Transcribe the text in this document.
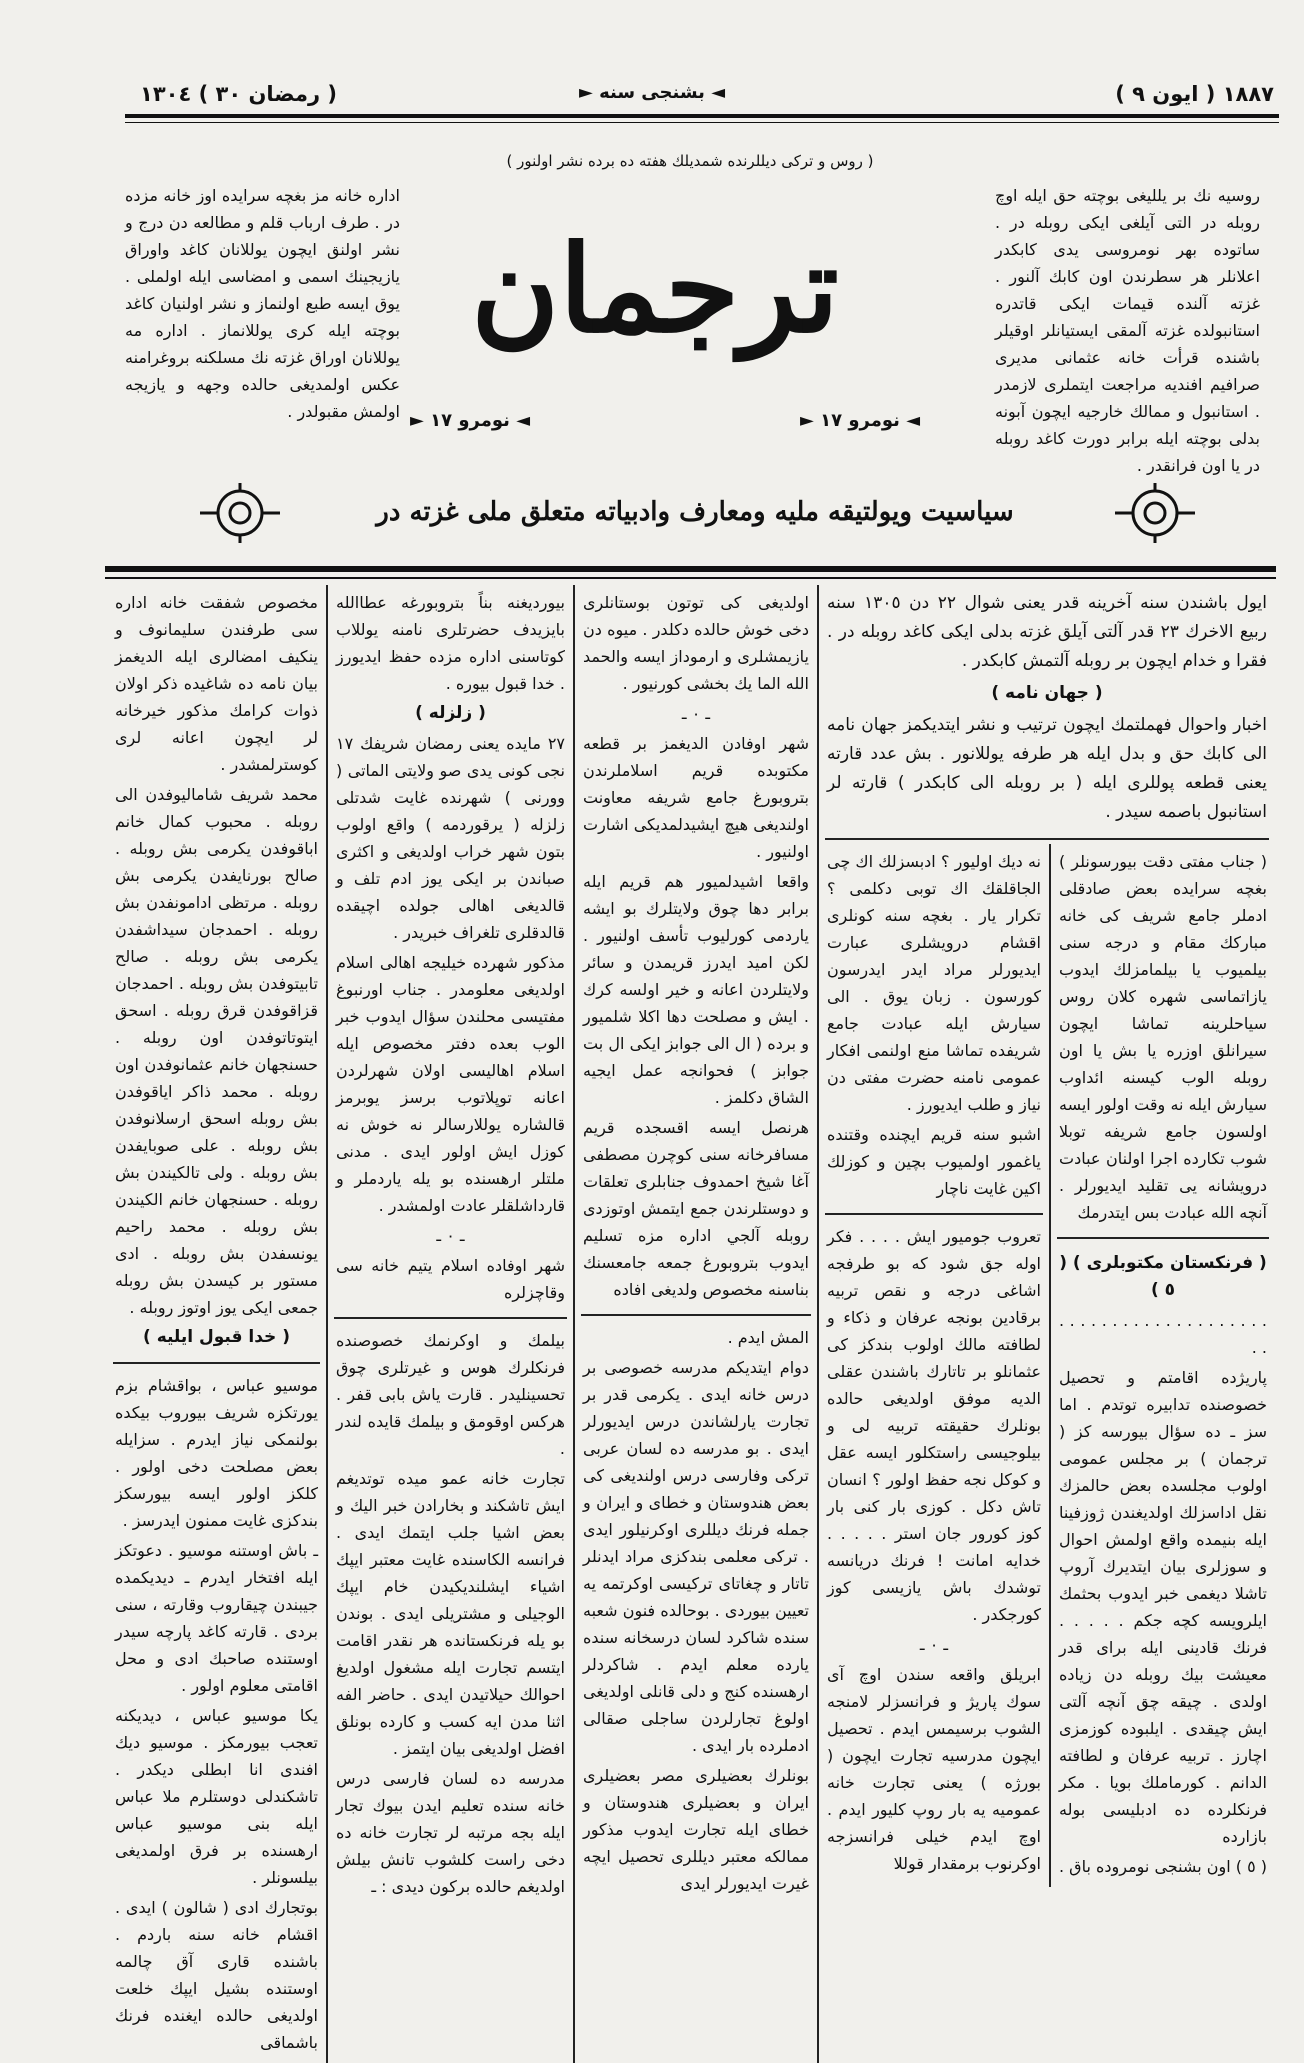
١٨٨٧ ( ايون ٩ )
( رمضان ٣٠ ) ١٣٠٤	◄ بشنجى سنه ►
( روس و تركى ديللرنده شمديلك هفته ده برده نشر اولنور )
روسيه نك بر يلليغى بوچته حق ايله اوچ روبله در التى آيلغى ايكى روبله در . ساتوده بهر نومروسى يدى كابكدر اعلانلر هر سطرندن اون كابك آلنور . غزته آلنده قيمات ايكى قاتدره استانبولده غزته آلمقى ايستيانلر اوقيلر باشنده قرأت خانه عثمانى مديرى صرافيم افنديه مراجعت ايتملرى لازمدر . استانبول و ممالك خارجيه ايچون آبونه بدلى بوچته ايله برابر دورت كاغد روبله در يا اون فرانقدر .
اداره خانه مز بغچه سرايده اوز خانه مزده در . طرف ارباب قلم و مطالعه دن درج و نشر اولنق ايچون يوللانان كاغد واوراق يازيجينك اسمى و امضاسى ايله اولملى . يوق ايسه طبع اولنماز و نشر اولنيان كاغد بوچته ايله كرى يوللانماز . اداره مه يوللانان اوراق غزته نك مسلكنه بروغرامنه عكس اولمديغى حالده وجهه و يازيجه اولمش مقبولدر .
ترجمان
◄ نومرو ١٧ ►	◄ نومرو ١٧ ►
سياسيت ويولتيقه مليه ومعارف وادبياته متعلق ملى غزته در

ايول باشندن سنه آخرينه قدر يعنى شوال ٢٢ دن ١٣٠٥ سنه ربيع الاخرك ٢٣ قدر آلتى آيلق غزته بدلى ايكى كاغد روبله در . فقرا و خدام ايچون بر روبله آلتمش كابكدر .

( جهان نامه )

اخبار واحوال فهملتمك ايچون ترتيب و نشر ايتديكمز جهان نامه الى كابك حق و بدل ايله هر طرفه يوللانور . بش عدد قارته يعنى قطعه پوللرى ايله ( بر روبله الى كابكدر ) قارته لر استانبول باصمه سيدر .

( جناب مفتى دقت بيورسونلر ) بغچه سرايده بعض صادقلى ادملر جامع شريف كى خانه مباركك مقام و درجه سنى بيلميوب يا بيلمامزلك ايدوب يازاتماسى شهره كلان روس سياحلرينه تماشا ايچون سيرانلق اوزره يا بش يا اون روبله الوب كيسنه ائداوب سيارش ايله نه وقت اولور ايسه اولسون جامع شريفه توبلا شوب تكارده اجرا اولنان عبادت درويشانه يى تقليد ايديورلر . آنچه الله عبادت بس ايتدرمك

( فرنكستان مكتوبلرى ) ( ٥ )

. . . . . . . . . . . . . . . . . . . . . .

پاريژده اقامتم و تحصيل خصوصنده تدابيره توتدم . اما سز ـ ده سؤال بيورسه كز ( ترجمان ) بر مجلس عمومى اولوب مجلسده بعض حالمزك نقل اداسزلك اولديغندن ژوزفينا ايله بنيمده واقع اولمش احوال و سوزلرى بيان ايتديرك آروپ تاشلا ديغمى خبر ايدوب بحثمك ايلرويسه كچه جكم . . . . . فرنك قادينى ايله براى قدر معيشت بيك روبله دن زياده اولدى . چيقه چق آنچه آلتى ايش چيقدى . ايلبوده كوزمزى اچارز . تربيه عرفان و لطافته الدانم . كورماملك بويا . مكر فرنكلرده ده ادبليسى بوله بازارده

( ٥ ) اون بشنجى نومروده باق .

نه ديك اوليور ؟ ادبسزلك اك چى الجاقلقك اك توبى دكلمى ؟ تكرار يار . بغچه سنه كونلرى اقشام درويشلرى عبارت ايديورلر مراد ايدر ايدرسون كورسون . زبان يوق . الى سيارش ايله عبادت جامع شريفده تماشا منع اولنمى افكار عمومى نامنه حضرت مفتى دن نياز و طلب ايديورز .

اشبو سنه قريم ايچنده وقتنده ياغمور اولميوب بچين و كوزلك اكين غايت ناچار

تعروب جوميور ايش . . . . فكر اوله جق شود كه بو طرفجه اشاغى درجه و نقص تربيه برقادين بونجه عرفان و ذكاء و لطافته مالك اولوب بندكز كى عثمانلو بر تاتارك باشندن عقلى الديه موفق اولديغى حالده بونلرك حقيقته تربيه لى و بيلوجيسى راستكلور ايسه عقل و كوكل نجه حفظ اولور ؟ انسان تاش دكل . كوزى بار كنى بار كوز كورور جان استر . . . . . خدايه امانت ! فرنك دريانسه توشدك باش يازيسى كوز كورجكدر .

ـ ٠ ـ

ابريلق واقعه سندن اوچ آى سوك پاريژ و فرانسزلر لامنجه الشوب برسيمس ايدم . تحصيل ايچون مدرسيه تجارت ايچون ( بورژه ) يعنى تجارت خانه عموميه يه بار روپ كليور ايدم . اوچ ايدم خيلى فرانسزجه اوكرنوب برمقدار قوللا

اولديغى كى توتون بوستانلرى دخى خوش حالده دكلدر . ميوه دن يازيمشلرى و ارموداز ايسه والحمد الله الما يك بخشى كورنيور .

ـ ٠ ـ

شهر اوفادن الديغمز بر قطعه مكتوبده قريم اسلاملرندن بتروبورغ جامع شريفه معاونت اولنديغى هيچ ايشيدلمديكى اشارت اولنيور .

واقعا اشيدلميور هم قريم ايله برابر دها چوق ولايتلرك بو ايشه ياردمى كورليوب تأسف اولنيور . لكن اميد ايدرز قريمدن و سائر ولايتلردن اعانه و خير اولسه كرك . ايش و مصلحت دها اكلا شلميور و برده ( ال الى جوابز ايكى ال بت جوابز ) فحوانجه عمل ايجيه الشاق دكلمز .

هرنصل ايسه اقسجده قريم مسافرخانه سنى كوچرن مصطفى آغا شيخ احمدوف جنابلرى تعلقات و دوستلرندن جمع ايتمش اوتوزدى روبله آلجي اداره مزه تسليم ايدوب بتروبورغ جمعه جامعسنك بناسنه مخصوص ولديغى افاده

المش ايدم .

دوام ايتديكم مدرسه خصوصى بر درس خانه ايدى . يكرمى قدر بر تجارت يارلشاندن درس ايديورلر ايدى . بو مدرسه ده لسان عربى تركى وفارسى درس اولنديغى كى بعض هندوستان و خطاى و ايران و جمله فرنك ديللرى اوكرنيلور ايدى . تركى معلمى بندكزى مراد ايدنلر تاتار و چغاتاى تركيسى اوكرتمه يه تعيين بيوردى . بوحالده فنون شعبه سنده شاكرد لسان درسخانه سنده يارده معلم ايدم . شاكردلر ارهسنده كنج و دلى قانلى اولديغى اولوغ تجارلردن ساجلى صقالى ادملرده بار ايدى .

بونلرك بعضيلرى مصر بعضيلرى ايران و بعضيلرى هندوستان و خطاى ايله تجارت ايدوب مذكور ممالكه معتبر ديللرى تحصيل ايچه غيرت ايديورلر ايدى

بيورديغنه بناً بتروبورغه عطاالله بايزيدف حضرتلرى نامنه يوللاب كوتاسنى اداره مزده حفظ ايديورز . خدا قبول بيوره .

( زلزله )

٢٧ مايده يعنى رمضان شريفك ١٧ نجى كونى يدى صو ولايتى الماتى ( وورنى ) شهرنده غايت شدتلى زلزله ( يرقوردمه ) واقع اولوب بتون شهر خراب اولديغى و اكثرى صباندن بر ايكى يوز ادم تلف و قالديغى اهالى جولده اچيقده قالدقلرى تلغراف خبريدر .

مذكور شهرده خيليجه اهالى اسلام اولديغى معلومدر . جناب اورنبوغ مفتيسى محلندن سؤال ايدوب خبر الوب بعده دفتر مخصوص ايله اسلام اهاليسى اولان شهرلردن اعانه توپلاتوب برسز يوبرمز قالشاره يوللارسالر نه خوش نه كوزل ايش اولور ايدى . مدنى ملتلر ارهسنده بو يله ياردملر و قارداشلقلر عادت اولمشدر .

ـ ٠ ـ

شهر اوفاده اسلام يتيم خانه سى وقاچزلره

بيلمك و اوكرنمك خصوصنده فرنكلرك هوس و غيرتلرى چوق تحسينليدر . قارت ياش بابى قفر . هركس اوقومق و بيلمك قايده لندر .

تجارت خانه عمو ميده توتديغم ايش تاشكند و بخارادن خبر اليك و بعض اشيا جلب ايتمك ايدى . فرانسه الكاسنده غايت معتبر ايپك اشياء ايشلنديكيدن خام ايپك الوجيلى و مشتريلى ايدى . بوندن بو يله فرنكستانده هر نقدر اقامت ايتسم تجارت ايله مشغول اولديغ احوالك حيلاتيدن ايدى . حاضر الفه اثنا مدن ايه كسب و كارده بونلق افضل اولديغى بيان ايتمز .

مدرسه ده لسان فارسى درس خانه سنده تعليم ايدن بيوك تجار ايله بجه مرتبه لر تجارت خانه ده دخى راست كلشوب تانش بيلش اولديغم حالده بركون ديدى : ـ

مخصوص شفقت خانه اداره سى طرفندن سليمانوف و ينكيف امضالرى ايله الديغمز بيان نامه ده شاغيده ذكر اولان ذوات كرامك مذكور خيرخانه لر ايچون اعانه لرى كوسترلمشدر .

محمد شريف شاماليوفدن الى روبله . محبوب كمال خانم اباقوفدن يكرمى بش روبله . صالح بورنايفدن يكرمى بش روبله . مرتظى ادامونفدن بش روبله . احمدجان سيداشفدن يكرمى بش روبله . صالح تابيتوفدن بش روبله . احمدجان قزاقوفدن قرق روبله . اسحق ايتوتاتوفدن اون روبله . حسنجهان خانم عثمانوفدن اون روبله . محمد ذاكر اياقوفدن بش روبله اسحق ارسلانوفدن بش روبله . على صوبايفدن بش روبله . ولى تالكيندن بش روبله . حسنجهان خانم الكيندن بش روبله . محمد راحيم يونسفدن بش روبله . ادى مستور بر كيسدن بش روبله جمعى ايكى يوز اوتوز روبله .

( خدا قبول ايليه )

موسيو عباس ، بواقشام بزم يورتكزه شريف بيوروب بيكده بولنمكى نياز ايدرم . سزايله بعض مصلحت دخى اولور . كلكز اولور ايسه بيورسكز بندكزى غايت ممنون ايدرسز .

ـ باش اوستنه موسيو . دعوتكز ايله افتخار ايدرم ـ ديديكمده جيبندن چيقاروب وقارته ، سنى بردى . قارته كاغد پارچه سيدر اوستنده صاحبك ادى و محل اقامتى معلوم اولور .

يكا موسيو عباس ، ديديكنه تعجب بيورمكز . موسيو ديك افندى انا ابطلى ديكدر . تاشكندلى دوستلرم ملا عباس ايله بنى موسيو عباس ارهسنده بر فرق اولمديغى بيلسونلر .

بوتجارك ادى ( شالون ) ايدى . اقشام خانه سنه باردم . باشنده قارى آق چالمه اوستنده بشيل ايپك خلعت اولديغى حالده ايغنده فرنك باشماقى
